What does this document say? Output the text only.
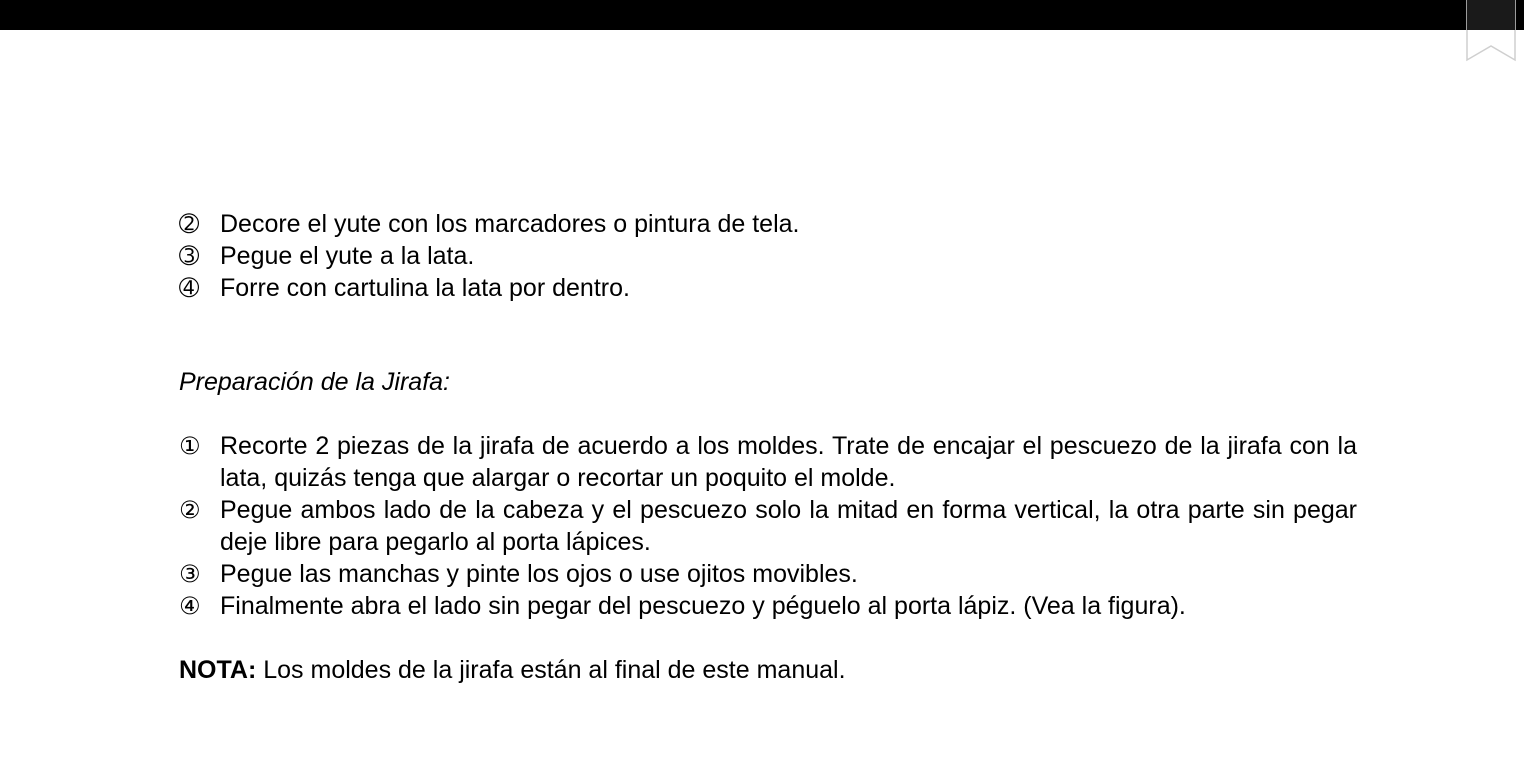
➁ Decore el yute con los marcadores o pintura de tela.
➂ Pegue el yute a la lata.
➃ Forre con cartulina la lata por dentro.
Preparación de la Jirafa:
① Recorte 2 piezas de la jirafa de acuerdo a los moldes. Trate de encajar el pescuezo de la jirafa con la lata, quizás tenga que alargar o recortar un poquito el molde.
② Pegue ambos lado de la cabeza y el pescuezo solo la mitad en forma vertical, la otra parte sin pegar deje libre para pegarlo al porta lápices.
③ Pegue las manchas y pinte los ojos o use ojitos movibles.
④ Finalmente abra el lado sin pegar del pescuezo y péguelo al porta lápiz. (Vea la figura).
NOTA: Los moldes de la jirafa están al final de este manual.
